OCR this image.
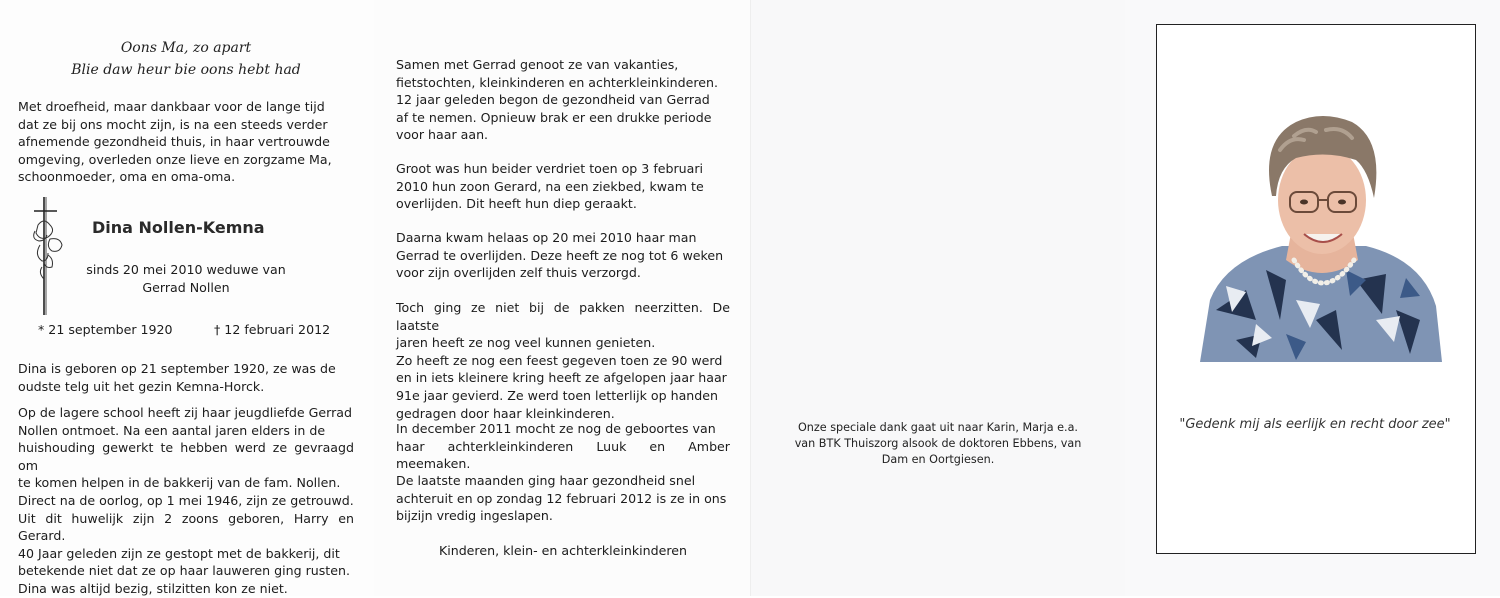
Oons Ma, zo apart
Blie daw heur bie oons hebt had

Met droefheid, maar dankbaar voor de lange tijd
dat ze bij ons mocht zijn, is na een steeds verder
afnemende gezondheid thuis, in haar vertrouwde
omgeving, overleden onze lieve en zorgzame Ma,
schoonmoeder, oma en oma-oma.

Dina Nollen-Kemna
sinds 20 mei 2010 weduwe van
Gerrad Nollen
* 21 september 1920	† 12 februari 2012

Dina is geboren op 21 september 1920, ze was de
oudste telg uit het gezin Kemna-Horck.

Op de lagere school heeft zij haar jeugdliefde Gerrad
Nollen ontmoet. Na een aantal jaren elders in de
huishouding gewerkt te hebben werd ze gevraagd om
te komen helpen in de bakkerij van de fam. Nollen.
Direct na de oorlog, op 1 mei 1946, zijn ze getrouwd.
Uit dit huwelijk zijn 2 zoons geboren, Harry en Gerard.
40 Jaar geleden zijn ze gestopt met de bakkerij, dit
betekende niet dat ze op haar lauweren ging rusten.
Dina was altijd bezig, stilzitten kon ze niet.

Samen met Gerrad genoot ze van vakanties,
fietstochten, kleinkinderen en achterkleinkinderen.
12 jaar geleden begon de gezondheid van Gerrad
af te nemen. Opnieuw brak er een drukke periode
voor haar aan.

Groot was hun beider verdriet toen op 3 februari
2010 hun zoon Gerard, na een ziekbed, kwam te
overlijden. Dit heeft hun diep geraakt.

Daarna kwam helaas op 20 mei 2010 haar man
Gerrad te overlijden. Deze heeft ze nog tot 6 weken
voor zijn overlijden zelf thuis verzorgd.

Toch ging ze niet bij de pakken neerzitten. De laatste
jaren heeft ze nog veel kunnen genieten.
Zo heeft ze nog een feest gegeven toen ze 90 werd
en in iets kleinere kring heeft ze afgelopen jaar haar
91e jaar gevierd. Ze werd toen letterlijk op handen
gedragen door haar kleinkinderen.

In december 2011 mocht ze nog de geboortes van
haar achterkleinkinderen Luuk en Amber meemaken.

De laatste maanden ging haar gezondheid snel
achteruit en op zondag 12 februari 2012 is ze in ons
bijzijn vredig ingeslapen.

Kinderen, klein- en achterkleinkinderen
Onze speciale dank gaat uit naar Karin, Marja e.a.
van BTK Thuiszorg alsook de doktoren Ebbens, van
Dam en Oortgiesen.
"Gedenk mij als eerlijk en recht door zee"
